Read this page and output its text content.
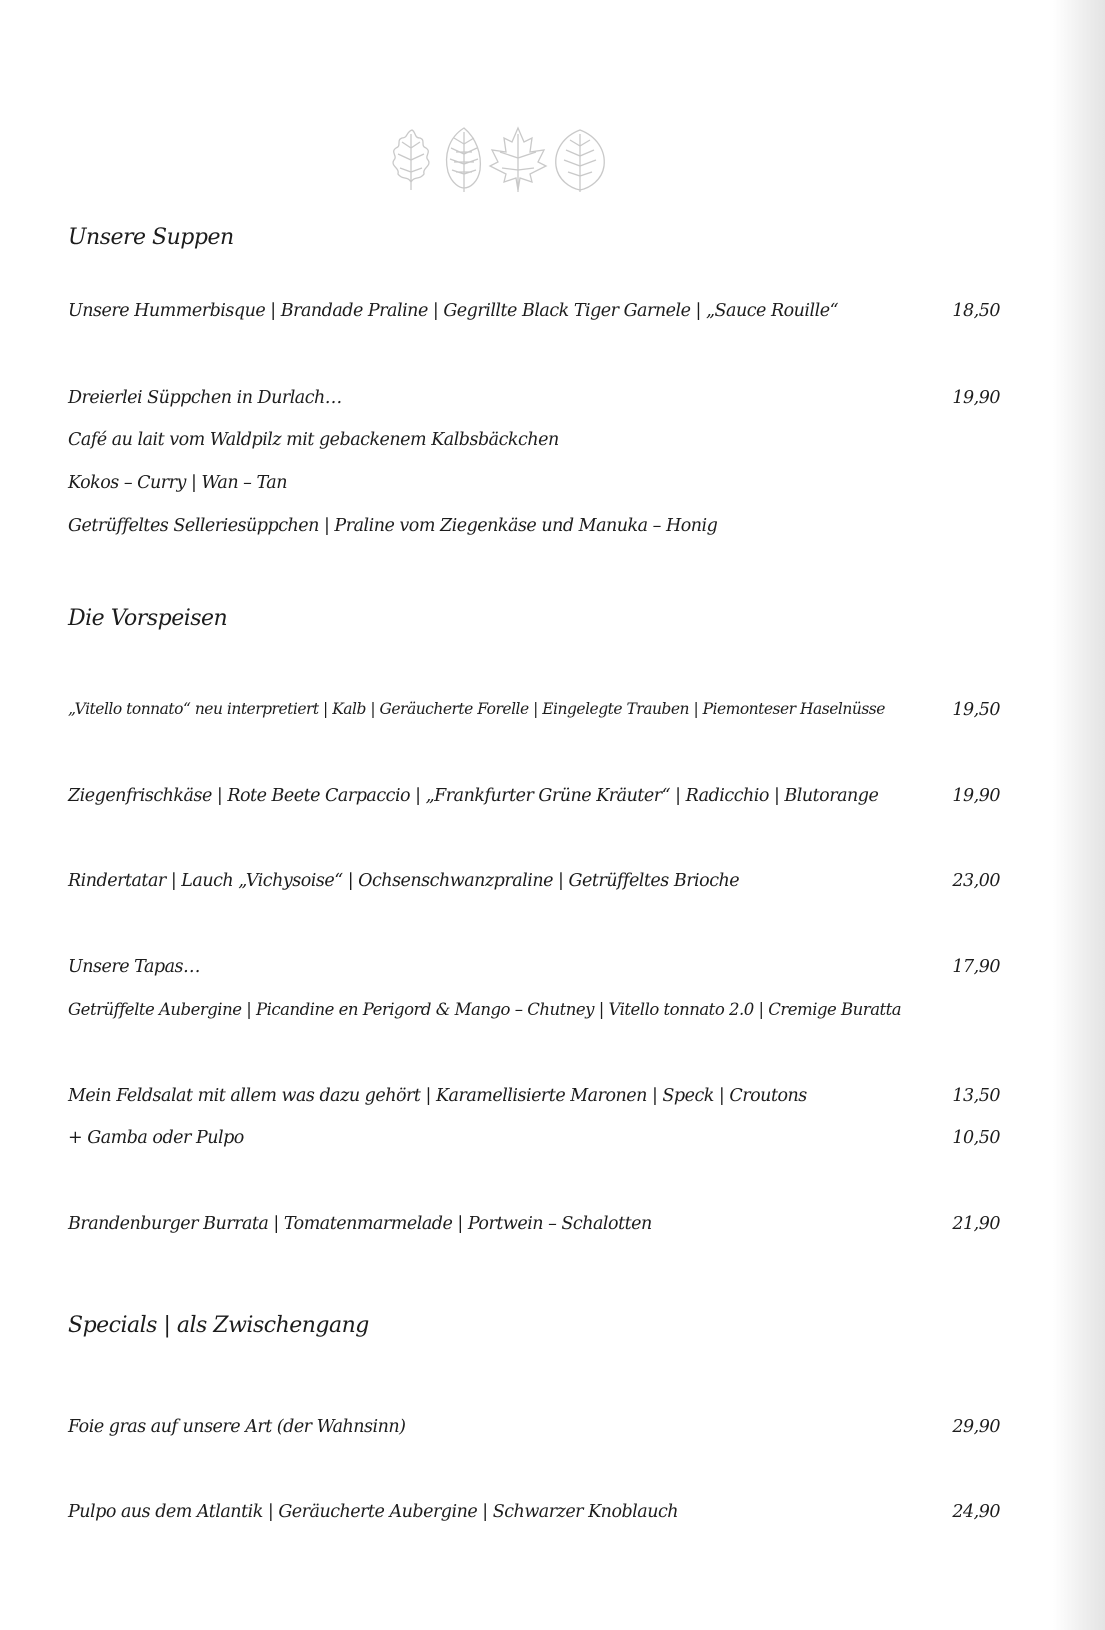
Unsere Suppen
Unsere Hummerbisque | Brandade Praline | Gegrillte Black Tiger Garnele | „Sauce Rouille“	18,50
Dreierlei Süppchen in Durlach…	19,90
Café au lait vom Waldpilz mit gebackenem Kalbsbäckchen
Kokos – Curry | Wan – Tan
Getrüffeltes Selleriesüppchen | Praline vom Ziegenkäse und Manuka – Honig
Die Vorspeisen
„Vitello tonnato“ neu interpretiert | Kalb | Geräucherte Forelle | Eingelegte Trauben | Piemonteser Haselnüsse	19,50
Ziegenfrischkäse | Rote Beete Carpaccio | „Frankfurter Grüne Kräuter“ | Radicchio | Blutorange	19,90
Rindertatar | Lauch „Vichysoise“ | Ochsenschwanzpraline | Getrüffeltes Brioche	23,00
Unsere Tapas…	17,90
Getrüffelte Aubergine | Picandine en Perigord & Mango – Chutney | Vitello tonnato 2.0 | Cremige Buratta
Mein Feldsalat mit allem was dazu gehört | Karamellisierte Maronen | Speck | Croutons	13,50
+ Gamba oder Pulpo	10,50
Brandenburger Burrata | Tomatenmarmelade | Portwein – Schalotten	21,90
Specials | als Zwischengang
Foie gras auf unsere Art (der Wahnsinn)	29,90
Pulpo aus dem Atlantik | Geräucherte Aubergine | Schwarzer Knoblauch	24,90
